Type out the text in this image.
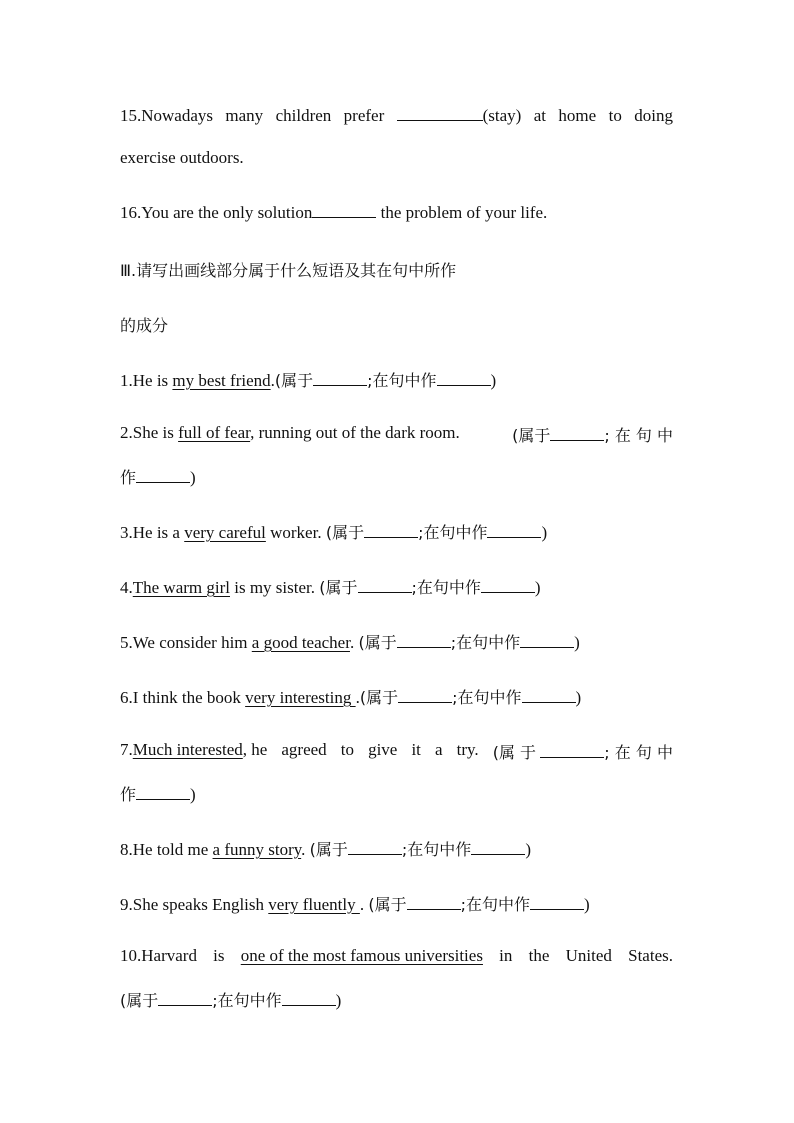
15.Nowadays many children prefer	(stay) at home to doing
exercise outdoors.
16.You are the only solution	the problem of your life.
Ⅲ.请写出画线部分属于什么短语及其在句中所作
的成分
1.He is my best friend.(属于	;在句中作	)
2.She is full of fear, running out of the dark room.	(属于	; 在 句 中
作	)
3.He is a very careful worker. (属于	;在句中作	)
4.The warm girl is my sister. (属于	;在句中作	)
5.We consider him a good teacher. (属于	;在句中作	)
6.I think the book very interesting .(属于	;在句中作	)
7.Much interested, he agreed to give it a try. (属 于	; 在 句 中
作	)
8.He told me a funny story. (属于	;在句中作	)
9.She speaks English very fluently . (属于	;在句中作	)
10.Harvard is one of the most famous universities in the United States.
(属于	;在句中作	)
